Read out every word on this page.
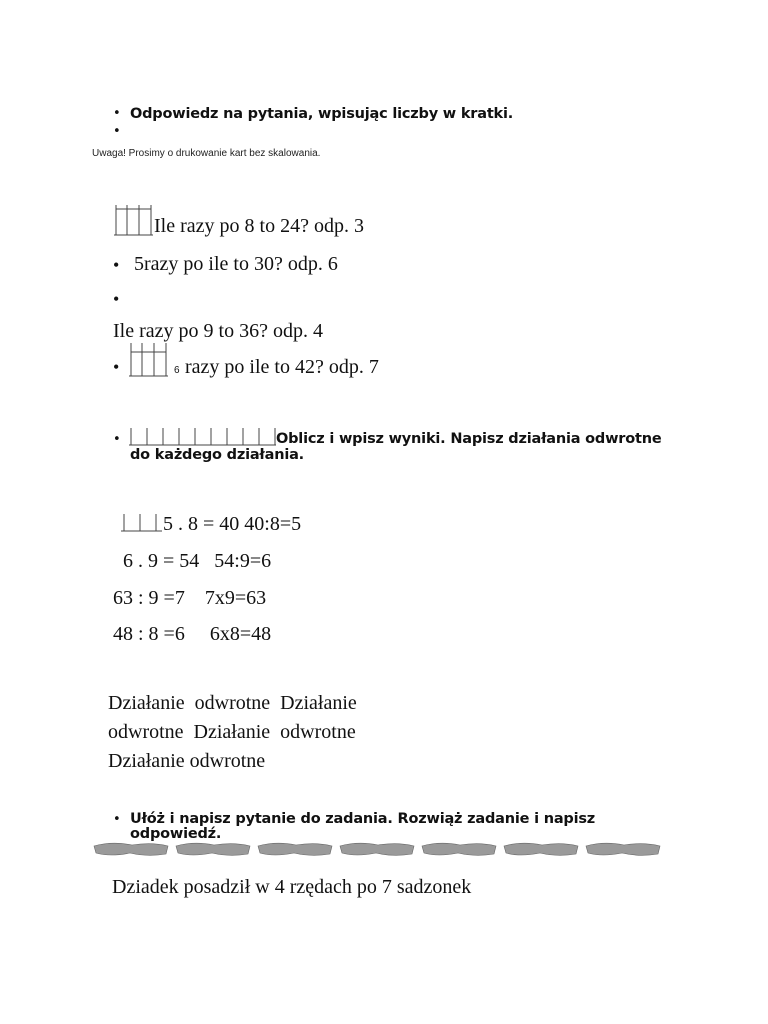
• Odpowiedz na pytania, wpisując liczby w kratki.
•
Uwaga! Prosimy o drukowanie kart bez skalowania.
Ile razy po 8 to 24? odp. 3
• 5razy po ile to 30? odp. 6
•
Ile razy po 9 to 36? odp. 4
•	6 razy po ile to 42? odp. 7
•	Oblicz i wpisz wyniki. Napisz działania odwrotne
do każdego działania.
5 . 8 = 40 40:8=5
6 . 9 = 54   54:9=6
63 : 9 =7    7x9=63
48 : 8 =6     6x8=48
Działanie  odwrotne  Działanie
odwrotne  Działanie  odwrotne
Działanie odwrotne
• Ułóż i napisz pytanie do zadania. Rozwiąż zadanie i napisz
odpowiedź.
Dziadek posadził w 4 rzędach po 7 sadzonek
